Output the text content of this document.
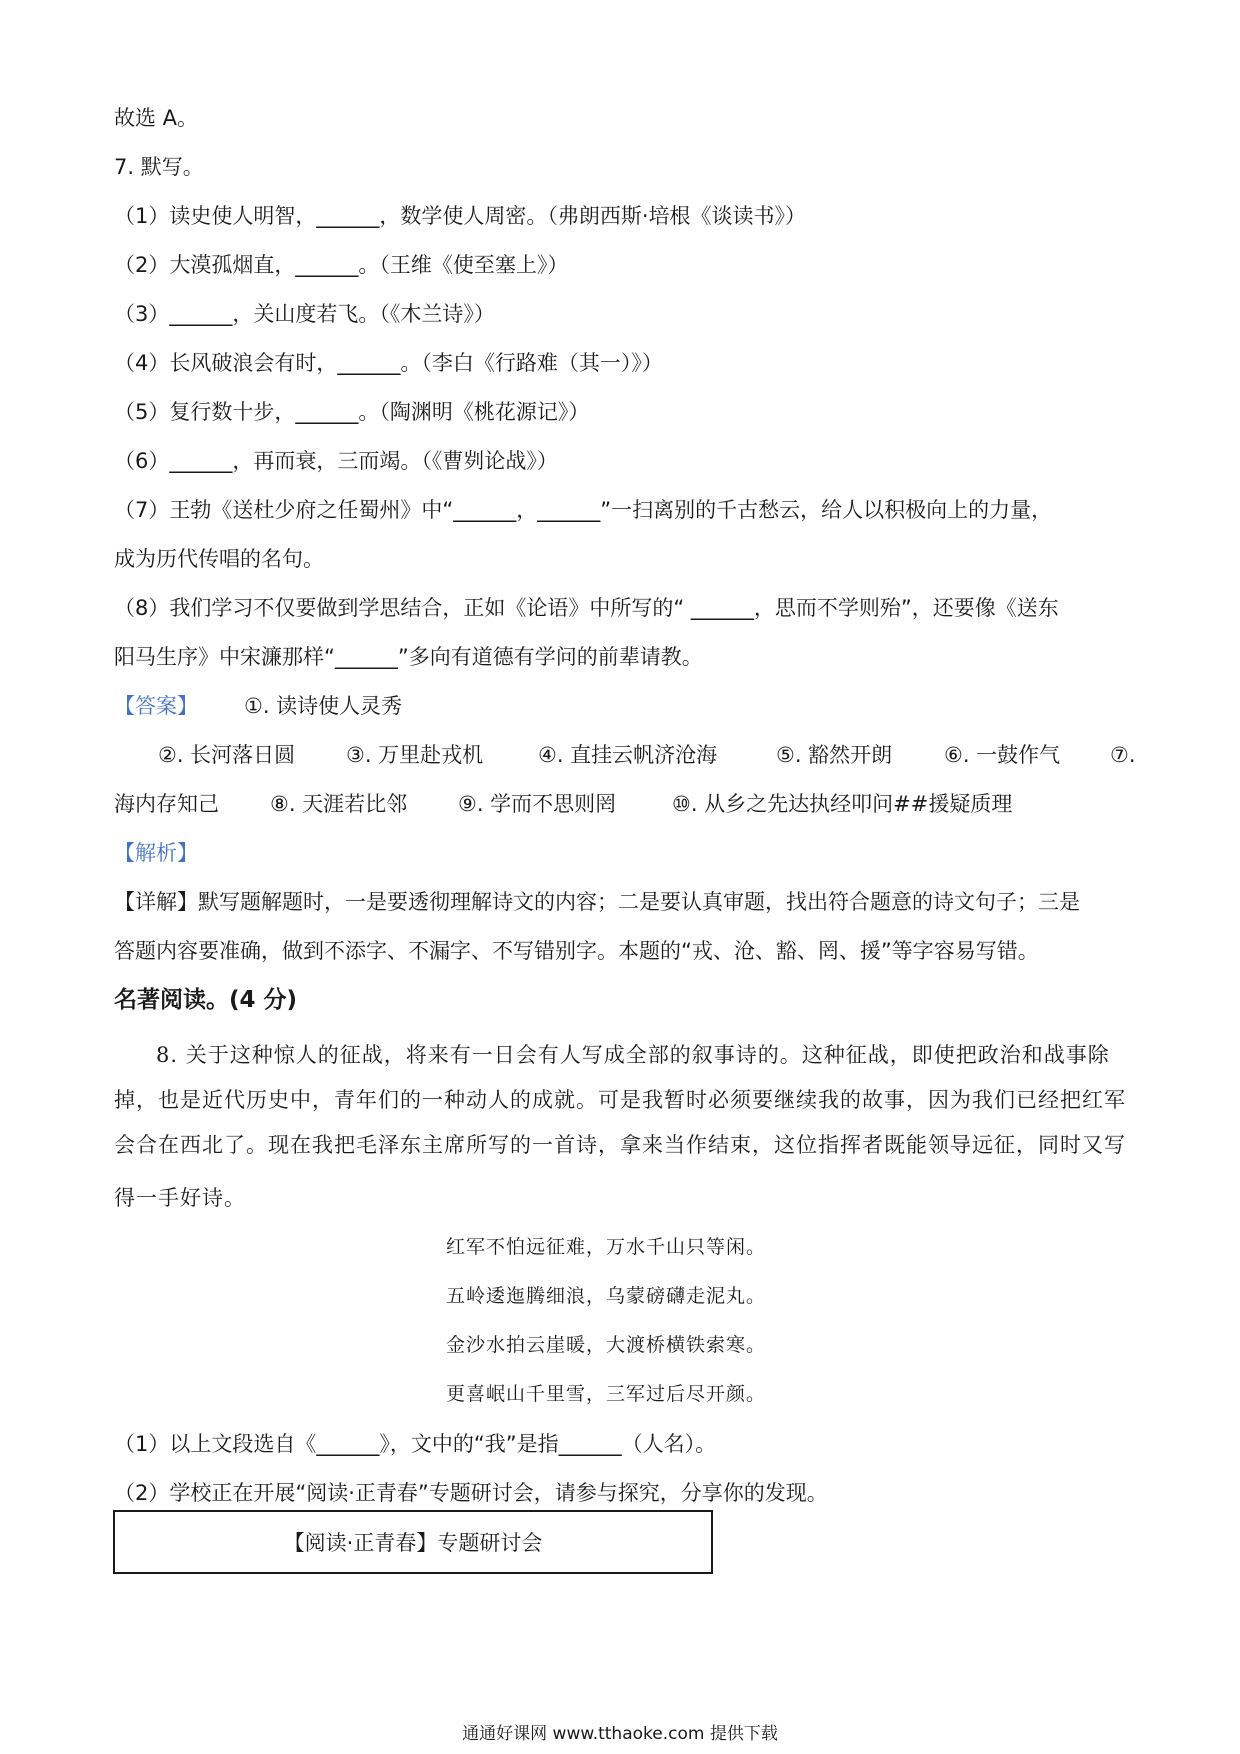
故选 A。
7. 默写。
（1）读史使人明智，______，数学使人周密。（弗朗西斯·培根《谈读书》）
（2）大漠孤烟直，______。（王维《使至塞上》）
（3）______，关山度若飞。（《木兰诗》）
（4）长风破浪会有时，______。（李白《行路难（其一）》）
（5）复行数十步，______。（陶渊明《桃花源记》）
（6）______，再而衰，三而竭。（《曹刿论战》）
（7）王勃《送杜少府之任蜀州》中“______，______”一扫离别的千古愁云，给人以积极向上的力量，
成为历代传唱的名句。
（8）我们学习不仅要做到学思结合，正如《论语》中所写的“ ______，思而不学则殆”，还要像《送东
阳马生序》中宋濂那样“______”多向有道德有学问的前辈请教。
【答案】 ①. 读诗使人灵秀
②. 长河落日圆 ③. 万里赴戎机	④. 直挂云帆济沧海	⑤. 豁然开朗 ⑥. 一鼓作气 ⑦.
海内存知己 ⑧. 天涯若比邻 ⑨. 学而不思则罔	⑩. 从乡之先达执经叩问##援疑质理
【解析】
【详解】默写题解题时，一是要透彻理解诗文的内容；二是要认真审题，找出符合题意的诗文句子；三是
答题内容要准确，做到不添字、不漏字、不写错别字。本题的“戎、沧、豁、罔、援”等字容易写错。
名著阅读。(4 分)
8. 关于这种惊人的征战，将来有一日会有人写成全部的叙事诗的。这种征战，即使把政治和战事除
掉，也是近代历史中，青年们的一种动人的成就。可是我暂时必须要继续我的故事，因为我们已经把红军
会合在西北了。现在我把毛泽东主席所写的一首诗，拿来当作结束，这位指挥者既能领导远征，同时又写
得一手好诗。
红军不怕远征难，万水千山只等闲。
五岭逶迤腾细浪，乌蒙磅礴走泥丸。
金沙水拍云崖暖，大渡桥横铁索寒。
更喜岷山千里雪，三军过后尽开颜。
（1）以上文段选自《______》，文中的“我”是指______（人名）。
（2）学校正在开展“阅读·正青春”专题研讨会，请参与探究，分享你的发现。
【阅读·正青春】专题研讨会
通通好课网 www.tthaoke.com 提供下载
